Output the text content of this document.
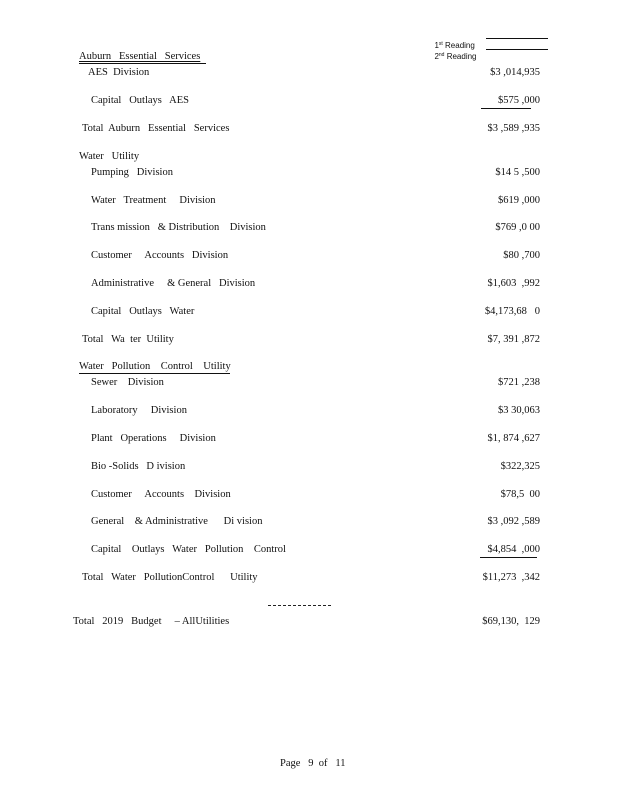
1st Reading

2nd Reading

Auburn   Essential   Services
AES  Division	$3 ,014,935
Capital   Outlays   AES	$575 ,000
Total  Auburn   Essential   Services	$3 ,589 ,935
Water   Utility
Pumping   Division	$14 5 ,500
Water   Treatment     Division	$619 ,000
Trans mission   & Distribution    Division	$769 ,0 00
Customer     Accounts   Division	$80 ,700
Administrative     & General   Division	$1,603  ,992
Capital   Outlays   Water	$4,173,68   0
Total   Wa  ter  Utility	$7, 391 ,872
Water   Pollution    Control    Utility
Sewer    Division	$721 ,238
Laboratory     Division	$3 30,063
Plant   Operations     Division	$1, 874 ,627
Bio -Solids   D ivision	$322,325
Customer     Accounts    Division	$78,5  00
General    & Administrative      Di vision	$3 ,092 ,589
Capital    Outlays   Water   Pollution    Control	$4,854  ,000
Total   Water   PollutionControl      Utility	$11,273  ,342
Total   2019   Budget     – AllUtilities	$69,130,  129
Page   9  of   11
